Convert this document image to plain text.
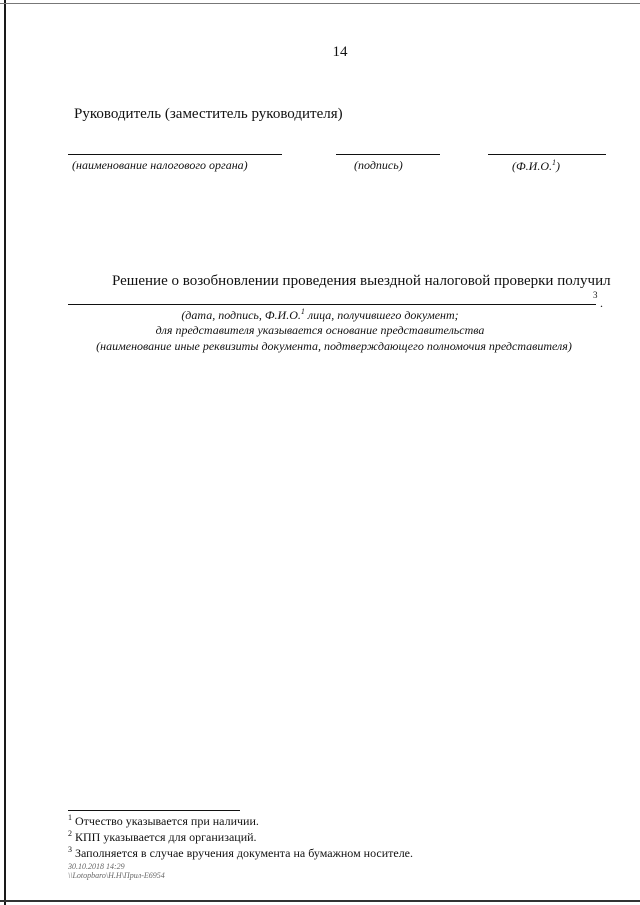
14
Руководитель (заместитель руководителя)
(наименование налогового органа)	(подпись)	(Ф.И.О.$^1$)
Решение о возобновлении проведения выездной налоговой проверки получил
3
.
(дата, подпись, Ф.И.О.$^1$ лица, получившего документ;
для представителя указывается основание представительства
(наименование иные реквизиты документа, подтверждающего полномочия представителя)
$^1$ Отчество указывается при наличии.
$^2$ КПП указывается для организаций.
$^3$ Заполняется в случае вручения документа на бумажном носителе.
30.10.2018 14:29
\\Lotopbaro\Н.Н\Прил-Е6954
